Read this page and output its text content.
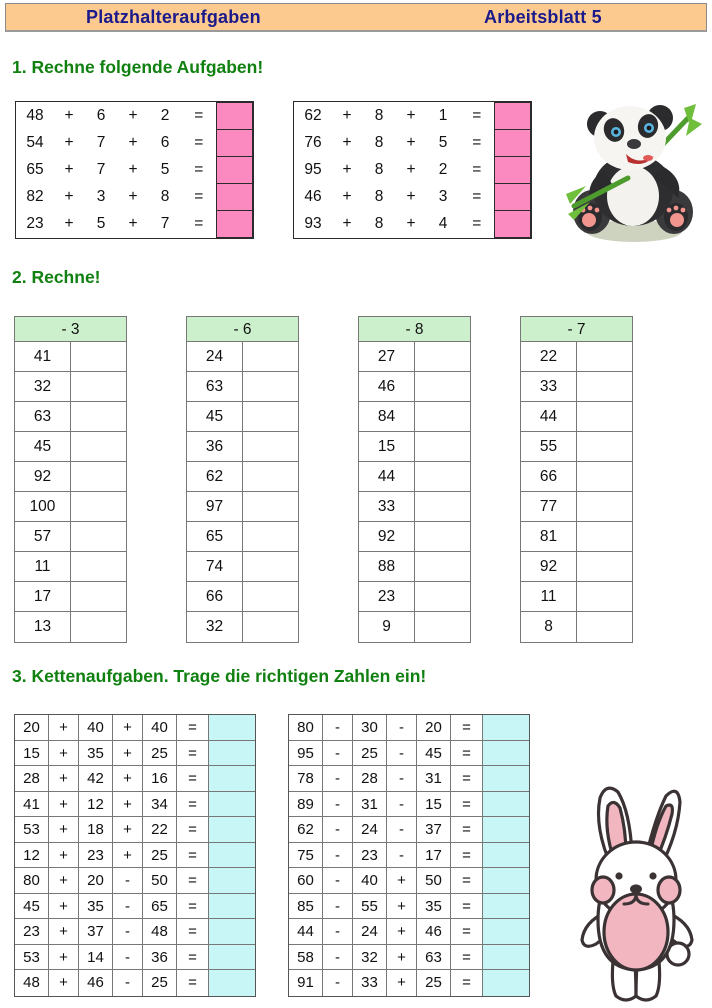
Platzhalteraufgaben	Arbeitsblatt 5
1. Rechne folgende Aufgaben!
48	+	6	+	2	=	
54	+	7	+	6	=	
65	+	7	+	5	=	
82	+	3	+	8	=	
23	+	5	+	7	=	
62	+	8	+	1	=	
76	+	8	+	5	=	
95	+	8	+	2	=	
46	+	8	+	3	=	
93	+	8	+	4	=	
2. Rechne!
- 3
41
32
63
45
92
100
57
11
17
13
- 6
24
63
45
36
62
97
65
74
66
32
- 8
27
46
84
15
44
33
92
88
23
9
- 7
22
33
44
55
66
77
81
92
11
8
3. Kettenaufgaben. Trage die richtigen Zahlen ein!
20	+	40	+	40	=
15	+	35	+	25	=
28	+	42	+	16	=
41	+	12	+	34	=
53	+	18	+	22	=
12	+	23	+	25	=
80	+	20	-	50	=
45	+	35	-	65	=
23	+	37	-	48	=
53	+	14	-	36	=
48	+	46	-	25	=
80	-	30	-	20	=
95	-	25	-	45	=
78	-	28	-	31	=
89	-	31	-	15	=
62	-	24	-	37	=
75	-	23	-	17	=
60	-	40	+	50	=
85	-	55	+	35	=
44	-	24	+	46	=
58	-	32	+	63	=
91	-	33	+	25	=
